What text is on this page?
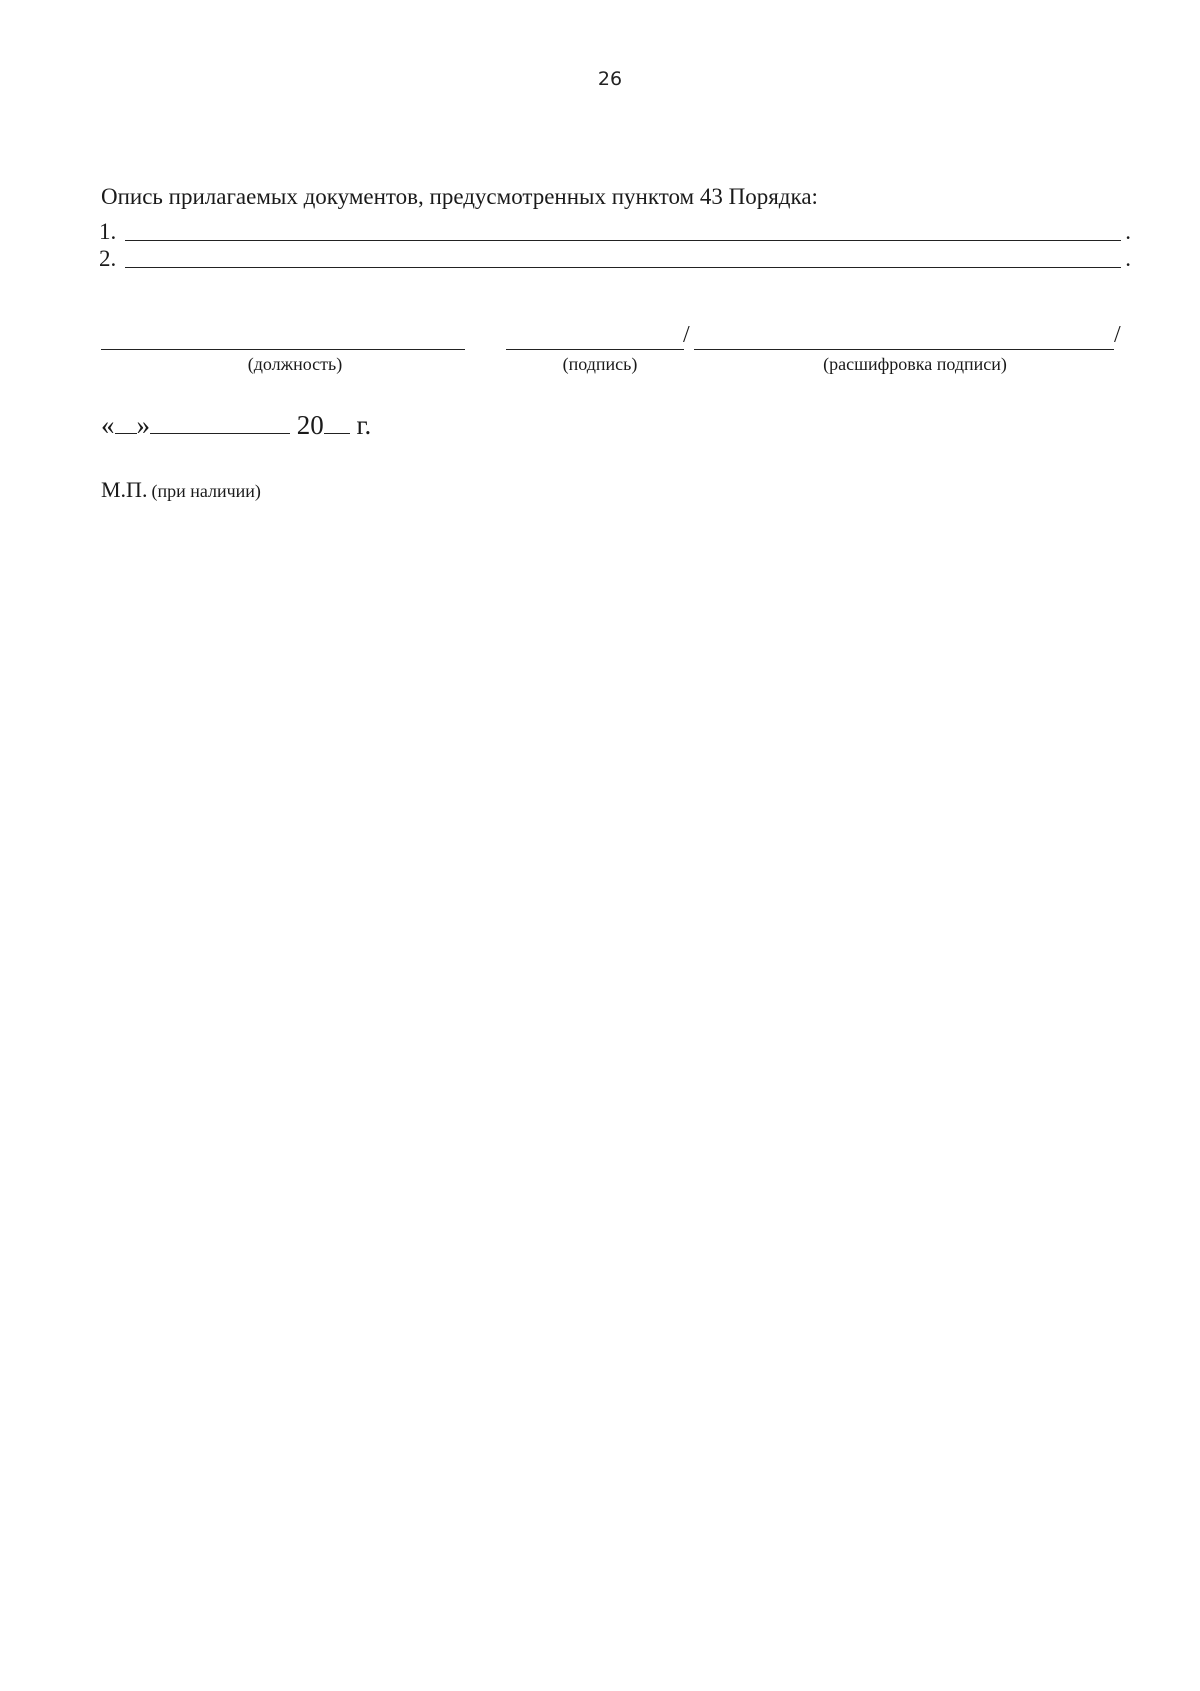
26
Опись прилагаемых документов, предусмотренных пунктом 43 Порядка:
1.	.
2.	.
/	/
(должность)	(подпись)	(расшифровка подписи)
« »	20 г.
М.П. (при наличии)
